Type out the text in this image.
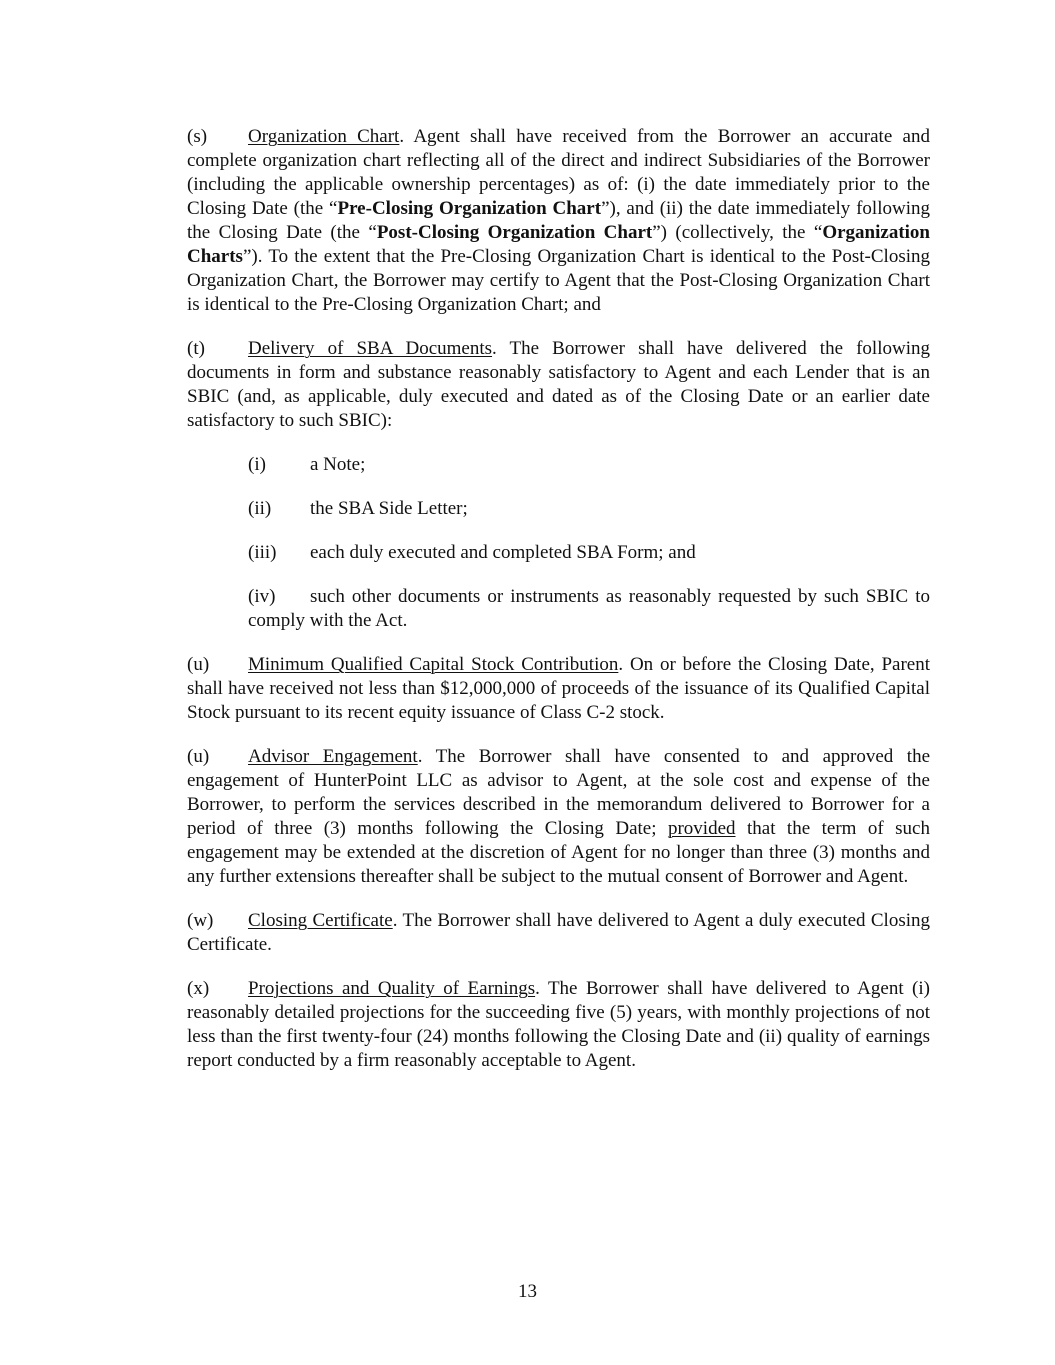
(s) Organization Chart. Agent shall have received from the Borrower an accurate and complete organization chart reflecting all of the direct and indirect Subsidiaries of the Borrower (including the applicable ownership percentages) as of: (i) the date immediately prior to the Closing Date (the “Pre-Closing Organization Chart”), and (ii) the date immediately following the Closing Date (the “Post-Closing Organization Chart”) (collectively, the “Organization Charts”). To the extent that the Pre-Closing Organization Chart is identical to the Post-Closing Organization Chart, the Borrower may certify to Agent that the Post-Closing Organization Chart is identical to the Pre-Closing Organization Chart; and

(t) Delivery of SBA Documents. The Borrower shall have delivered the following documents in form and substance reasonably satisfactory to Agent and each Lender that is an SBIC (and, as applicable, duly executed and dated as of the Closing Date or an earlier date satisfactory to such SBIC):

(i) a Note;

(ii) the SBA Side Letter;

(iii) each duly executed and completed SBA Form; and

(iv) such other documents or instruments as reasonably requested by such SBIC to comply with the Act.

(u) Minimum Qualified Capital Stock Contribution. On or before the Closing Date, Parent shall have received not less than $12,000,000 of proceeds of the issuance of its Qualified Capital Stock pursuant to its recent equity issuance of Class C-2 stock.

(u) Advisor Engagement. The Borrower shall have consented to and approved the engagement of HunterPoint LLC as advisor to Agent, at the sole cost and expense of the Borrower, to perform the services described in the memorandum delivered to Borrower for a period of three (3) months following the Closing Date; provided that the term of such engagement may be extended at the discretion of Agent for no longer than three (3) months and any further extensions thereafter shall be subject to the mutual consent of Borrower and Agent.

(w) Closing Certificate. The Borrower shall have delivered to Agent a duly executed Closing Certificate.

(x) Projections and Quality of Earnings. The Borrower shall have delivered to Agent (i) reasonably detailed projections for the succeeding five (5) years, with monthly projections of not less than the first twenty-four (24) months following the Closing Date and (ii) quality of earnings report conducted by a firm reasonably acceptable to Agent.

13
